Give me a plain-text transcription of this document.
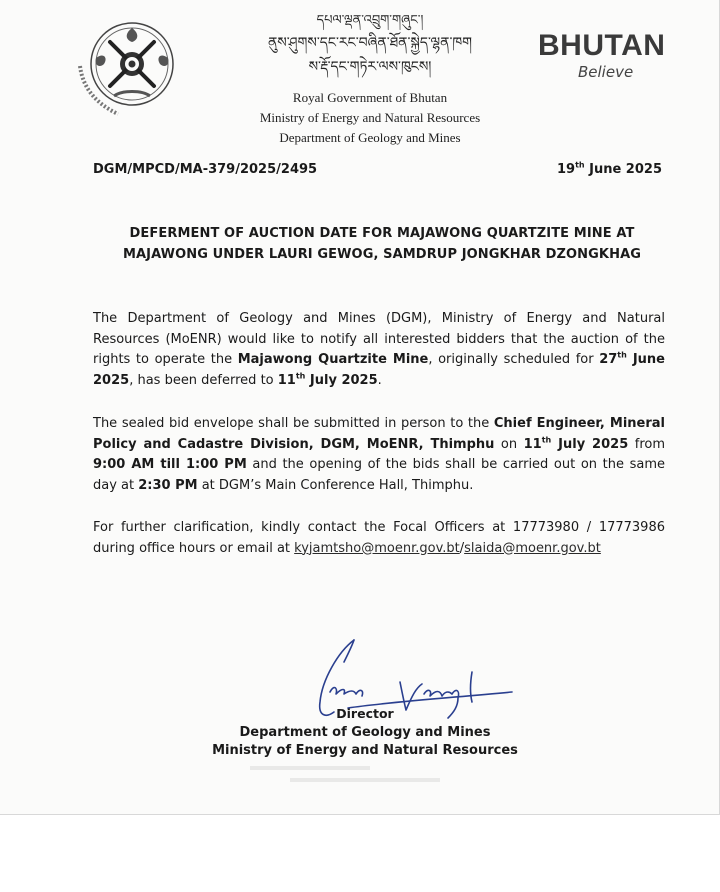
དཔལ་ལྡན་འབྲུག་གཞུང་།
ནུས་ཤུགས་དང་རང་བཞིན་ཐོན་སྐྱེད་ལྷན་ཁག
ས་རྡོ་དང་གཏེར་ལས་ཁུངས།
Royal Government of Bhutan
Ministry of Energy and Natural Resources
Department of Geology and Mines
BHUTAN
Believe
DGM/MPCD/MA-379/2025/2495	19th June 2025
DEFERMENT OF AUCTION DATE FOR MAJAWONG QUARTZITE MINE AT
MAJAWONG UNDER LAURI GEWOG, SAMDRUP JONGKHAR DZONGKHAG
The Department of Geology and Mines (DGM), Ministry of Energy and Natural Resources (MoENR) would like to notify all interested bidders that the auction of the rights to operate the Majawong Quartzite Mine, originally scheduled for 27th June 2025, has been deferred to 11th July 2025.
The sealed bid envelope shall be submitted in person to the Chief Engineer, Mineral Policy and Cadastre Division, DGM, MoENR, Thimphu on 11th July 2025 from 9:00 AM till 1:00 PM and the opening of the bids shall be carried out on the same day at 2:30 PM at DGM’s Main Conference Hall, Thimphu.
For further clarification, kindly contact the Focal Officers at 17773980 / 17773986 during office hours or email at kyjamtsho@moenr.gov.bt/slaida@moenr.gov.bt
Director
Department of Geology and Mines
Ministry of Energy and Natural Resources
